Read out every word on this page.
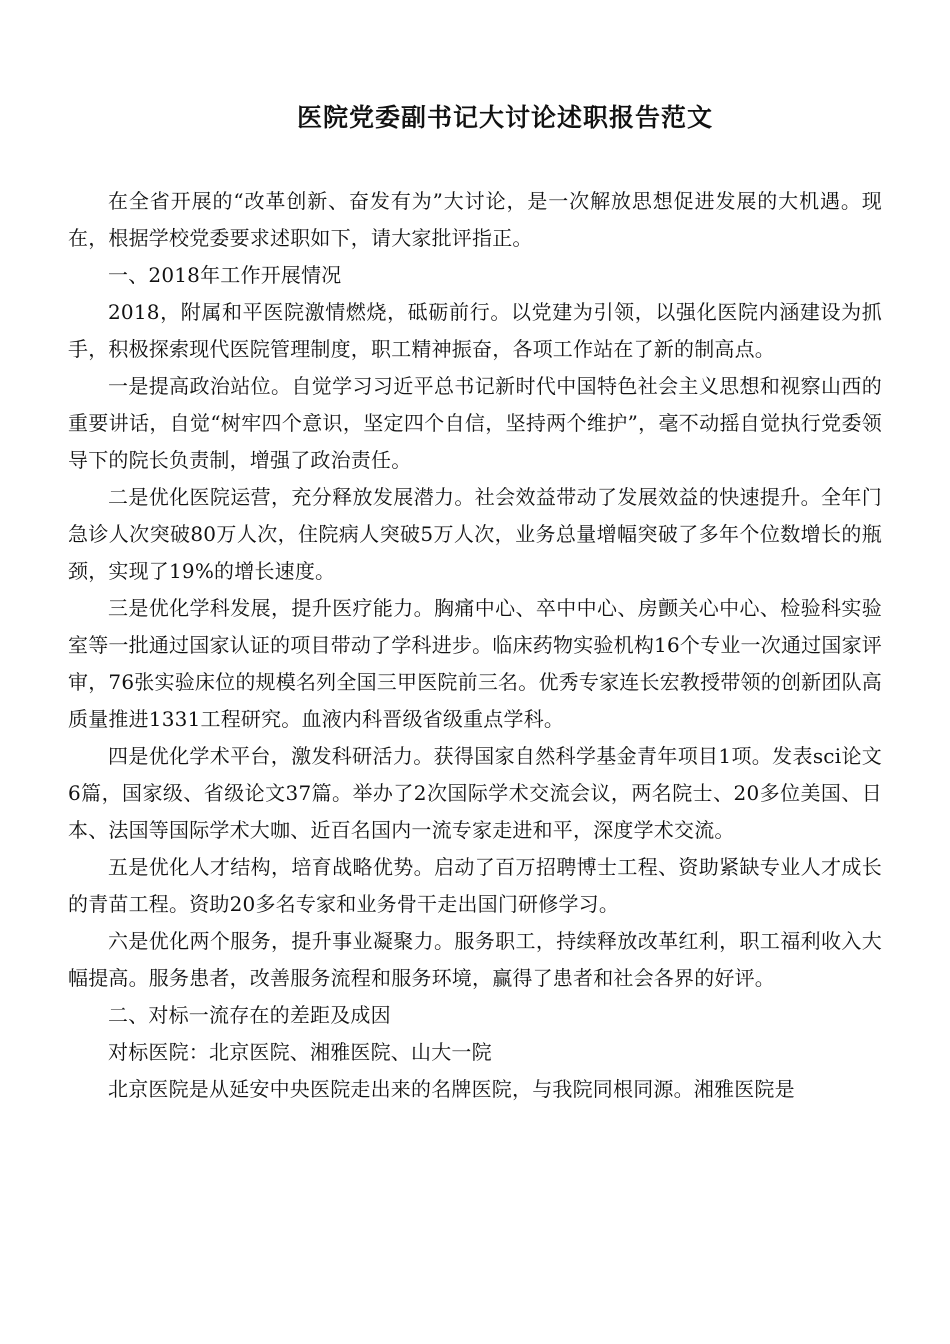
医院党委副书记大讨论述职报告范文

在全省开展的“改革创新、奋发有为”大讨论，是一次解放思想促进发展的大机遇。现在，根据学校党委要求述职如下，请大家批评指正。

一、2018年工作开展情况

2018，附属和平医院激情燃烧，砥砺前行。以党建为引领，以强化医院内涵建设为抓手，积极探索现代医院管理制度，职工精神振奋，各项工作站在了新的制高点。

一是提高政治站位。自觉学习习近平总书记新时代中国特色社会主义思想和视察山西的重要讲话，自觉“树牢四个意识，坚定四个自信，坚持两个维护”，毫不动摇自觉执行党委领导下的院长负责制，增强了政治责任。

二是优化医院运营，充分释放发展潜力。社会效益带动了发展效益的快速提升。全年门急诊人次突破80万人次，住院病人突破5万人次，业务总量增幅突破了多年个位数增长的瓶颈，实现了19%的增长速度。

三是优化学科发展，提升医疗能力。胸痛中心、卒中中心、房颤关心中心、检验科实验室等一批通过国家认证的项目带动了学科进步。临床药物实验机构16个专业一次通过国家评审，76张实验床位的规模名列全国三甲医院前三名。优秀专家连长宏教授带领的创新团队高质量推进1331工程研究。血液内科晋级省级重点学科。

四是优化学术平台，激发科研活力。获得国家自然科学基金青年项目1项。发表sci论文6篇，国家级、省级论文37篇。举办了2次国际学术交流会议，两名院士、20多位美国、日本、法国等国际学术大咖、近百名国内一流专家走进和平，深度学术交流。

五是优化人才结构，培育战略优势。启动了百万招聘博士工程、资助紧缺专业人才成长的青苗工程。资助20多名专家和业务骨干走出国门研修学习。

六是优化两个服务，提升事业凝聚力。服务职工，持续释放改革红利，职工福利收入大幅提高。服务患者，改善服务流程和服务环境，赢得了患者和社会各界的好评。

二、对标一流存在的差距及成因

对标医院：北京医院、湘雅医院、山大一院

北京医院是从延安中央医院走出来的名牌医院，与我院同根同源。湘雅医院是
